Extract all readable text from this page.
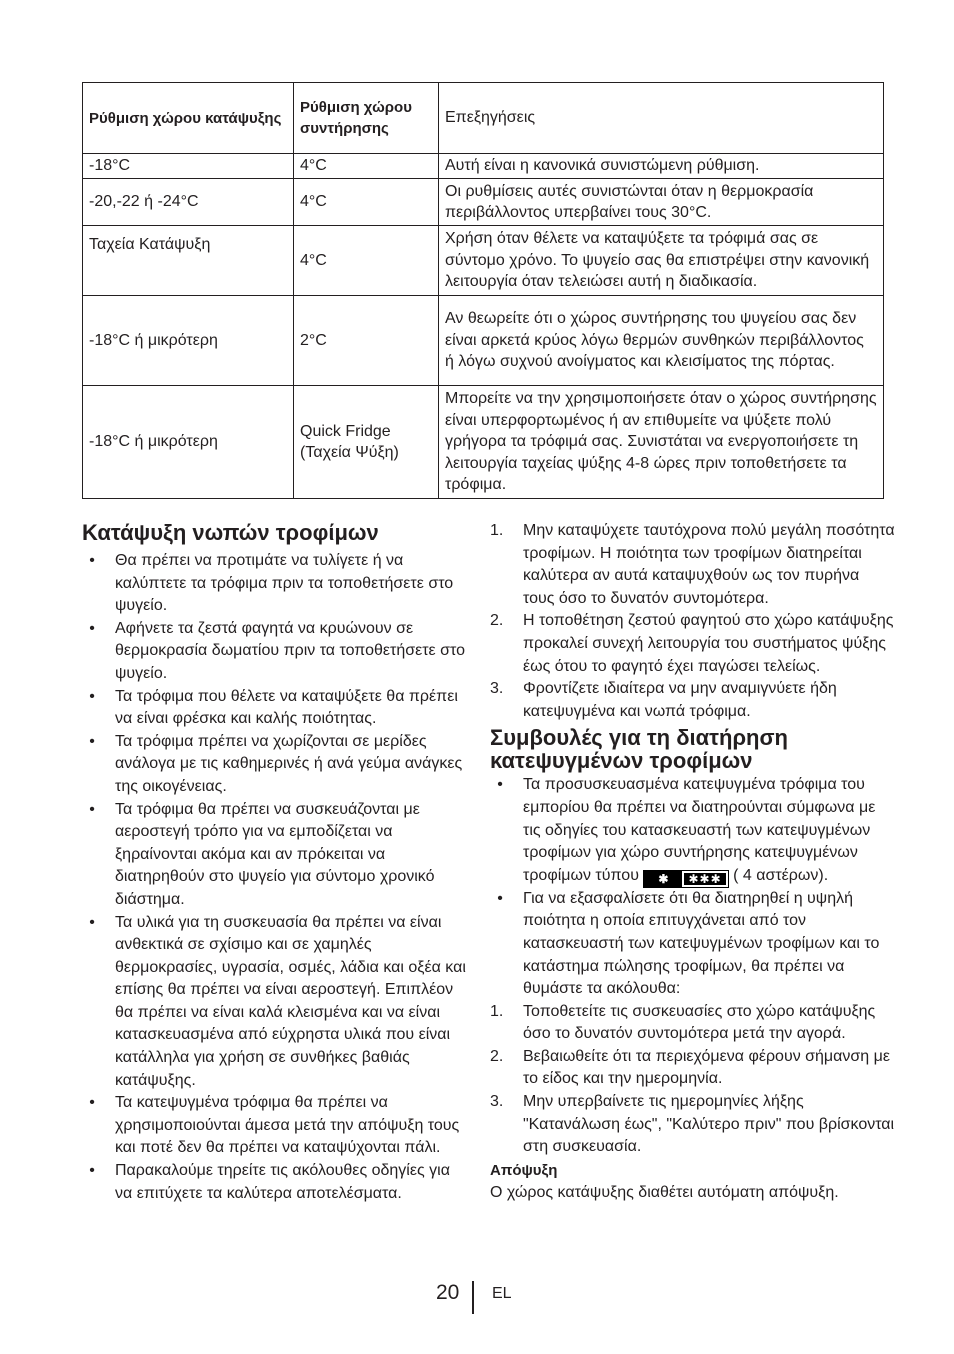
Ρύθμιση χώρου κατάψυξης	Ρύθμιση χώρου συντήρησης	Επεξηγήσεις
-18°C	4°C	Αυτή είναι η κανονικά συνιστώμενη ρύθμιση.
-20,-22 ή -24°C	4°C	Οι ρυθμίσεις αυτές συνιστώνται όταν η θερμοκρασία περιβάλλοντος υπερβαίνει τους 30°C.
Ταχεία Κατάψυξη	4°C	Χρήση όταν θέλετε να καταψύξετε τα τρόφιμά σας σε σύντομο χρόνο. Το ψυγείο σας θα επιστρέψει στην κανονική λειτουργία όταν τελειώσει αυτή η διαδικασία.
-18°C ή μικρότερη	2°C	Αν θεωρείτε ότι ο χώρος συντήρησης του ψυγείου σας δεν είναι αρκετά κρύος λόγω θερμών συνθηκών περιβάλλοντος ή λόγω συχνού ανοίγματος και κλεισίματος της πόρτας.
-18°C ή μικρότερη	Quick Fridge (Ταχεία Ψύξη)	Μπορείτε να την χρησιμοποιήσετε όταν ο χώρος συντήρησης είναι υπερφορτωμένος ή αν επιθυμείτε να ψύξετε πολύ γρήγορα τα τρόφιμά σας. Συνιστάται να ενεργοποιήσετε τη λειτουργία ταχείας ψύξης 4-8 ώρες πριν τοποθετήσετε τα τρόφιμα.
Κατάψυξη νωπών τροφίμων
•	Θα πρέπει να προτιμάτε να τυλίγετε ή να καλύπτετε τα τρόφιμα πριν τα τοποθετήσετε στο ψυγείο.
•	Αφήνετε τα ζεστά φαγητά να κρυώνουν σε θερμοκρασία δωματίου πριν τα τοποθετήσετε στο ψυγείο.
•	Τα τρόφιμα που θέλετε να καταψύξετε θα πρέπει να είναι φρέσκα και καλής ποιότητας.
•	Τα τρόφιμα πρέπει να χωρίζονται σε μερίδες ανάλογα με τις καθημερινές ή ανά γεύμα ανάγκες της οικογένειας.
•	Τα τρόφιμα θα πρέπει να συσκευάζονται με αεροστεγή τρόπο για να εμποδίζεται να ξηραίνονται ακόμα και αν πρόκειται να διατηρηθούν στο ψυγείο για σύντομο χρονικό διάστημα.
•	Τα υλικά για τη συσκευασία θα πρέπει να είναι ανθεκτικά σε σχίσιμο και σε χαμηλές θερμοκρασίες, υγρασία, οσμές, λάδια και οξέα και επίσης θα πρέπει να είναι αεροστεγή. Επιπλέον θα πρέπει να είναι καλά κλεισμένα και να είναι κατασκευασμένα από εύχρηστα υλικά που είναι κατάλληλα για χρήση σε συνθήκες βαθιάς κατάψυξης.
•	Τα κατεψυγμένα τρόφιμα θα πρέπει να χρησιμοποιούνται άμεσα μετά την απόψυξη τους και ποτέ δεν θα πρέπει να καταψύχονται πάλι.
•	Παρακαλούμε τηρείτε τις ακόλουθες οδηγίες για να επιτύχετε τα καλύτερα αποτελέσματα.
1.	Μην καταψύχετε ταυτόχρονα πολύ μεγάλη ποσότητα τροφίμων. Η ποιότητα των τροφίμων διατηρείται καλύτερα αν αυτά καταψυχθούν ως τον πυρήνα τους όσο το δυνατόν συντομότερα.
2.	Η τοποθέτηση ζεστού φαγητού στο χώρο κατάψυξης προκαλεί συνεχή λειτουργία του συστήματος ψύξης έως ότου το φαγητό έχει παγώσει τελείως.
3.	Φροντίζετε ιδιαίτερα να μην αναμιγνύετε ήδη κατεψυγμένα και νωπά τρόφιμα.
Συμβουλές για τη διατήρηση κατεψυγμένων τροφίμων
•	Τα προσυσκευασμένα κατεψυγμένα τρόφιμα του εμπορίου θα πρέπει να διατηρούνται σύμφωνα με τις οδηγίες του κατασκευαστή των κατεψυγμένων τροφίμων για χώρο συντήρησης κατεψυγμένων τροφίμων τύπου ✱ ✱✱✱ ( 4 αστέρων).
•	Για να εξασφαλίσετε ότι θα διατηρηθεί η υψηλή ποιότητα η οποία επιτυγχάνεται από τον κατασκευαστή των κατεψυγμένων τροφίμων και το κατάστημα πώλησης τροφίμων, θα πρέπει να θυμάστε τα ακόλουθα:
1.	Τοποθετείτε τις συσκευασίες στο χώρο κατάψυξης όσο το δυνατόν συντομότερα μετά την αγορά.
2.	Βεβαιωθείτε ότι τα περιεχόμενα φέρουν σήμανση με το είδος και την ημερομηνία.
3.	Μην υπερβαίνετε τις ημερομηνίες λήξης "Κατανάλωση έως", "Καλύτερο πριν" που βρίσκονται στη συσκευασία.
Απόψυξη
Ο χώρος κατάψυξης διαθέτει αυτόματη απόψυξη.
20 EL
